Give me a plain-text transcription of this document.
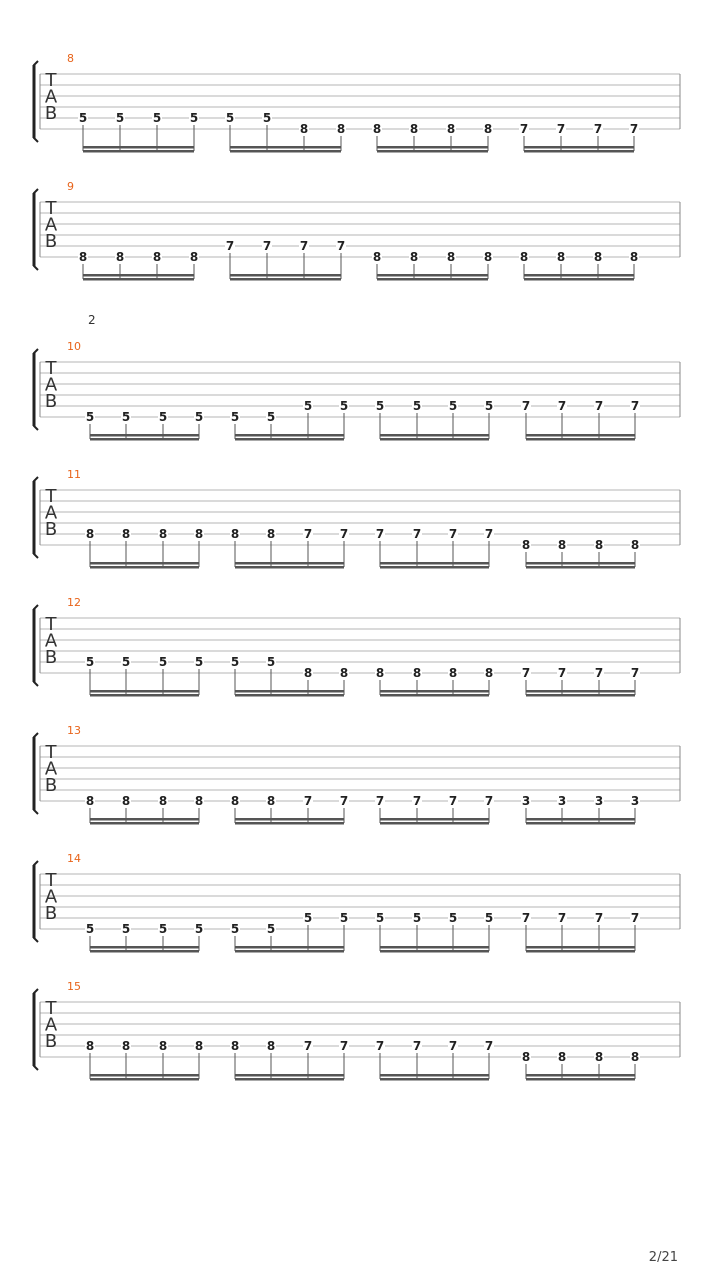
2
8
T
A
B 5 5 5 5 5 5
8 8 8 8 8 8 7 7 7 7
9
T
A
B
8 8 8 8
7 7 7 7
8 8 8 8 8 8 8 8
10
T
A
B
5 5 5 5 5 5
5 5 5 5 5 5 7 7 7 7
11
T
A
B 8 8 8 8 8 8 7 7 7 7 7 7
8 8 8 8
12
T
A
B 5 5 5 5 5 5
8 8 8 8 8 8 7 7 7 7
13
T
A
B
8 8 8 8 8 8 7 7 7 7 7 7 3 3 3 3
14
T
A
B
5 5 5 5 5 5
5 5 5 5 5 5 7 7 7 7
15
T
A
B 8 8 8 8 8 8 7 7 7 7 7 7
8 8 8 8
2/21
